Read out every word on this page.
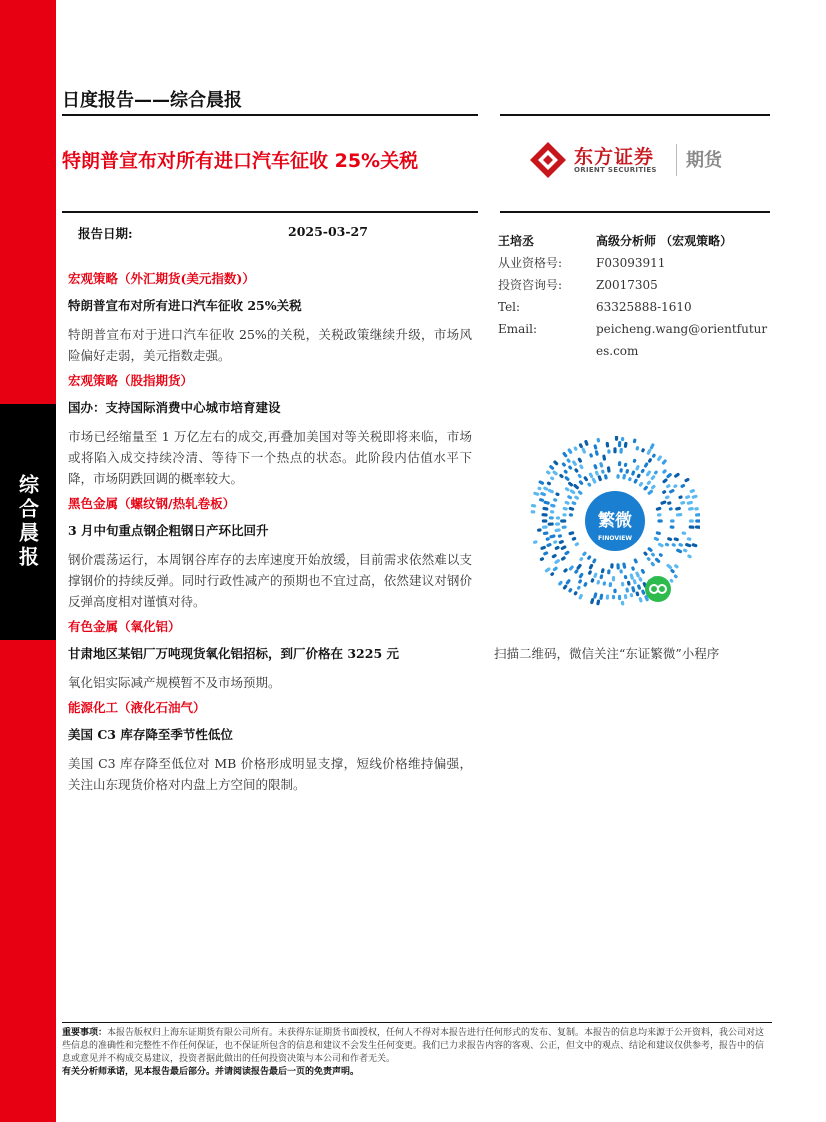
综合晨报
日度报告——综合晨报
特朗普宣布对所有进口汽车征收 25%关税	东方证券
ORIENT SECURITIES 期货
报告日期:	2025-03-27
宏观策略（外汇期货(美元指数)）
特朗普宣布对所有进口汽车征收 25%关税
特朗普宣布对于进口汽车征收 25%的关税，关税政策继续升级，市场风险偏好走弱，美元指数走强。
宏观策略（股指期货）
国办：支持国际消费中心城市培育建设
市场已经缩量至 1 万亿左右的成交,再叠加美国对等关税即将来临，市场或将陷入成交持续冷清、等待下一个热点的状态。此阶段内估值水平下降，市场阴跌回调的概率较大。
黑色金属（螺纹钢/热轧卷板）
3 月中旬重点钢企粗钢日产环比回升
钢价震荡运行，本周钢谷库存的去库速度开始放缓，目前需求依然难以支撑钢价的持续反弹。同时行政性减产的预期也不宜过高，依然建议对钢价反弹高度相对谨慎对待。
有色金属（氧化铝）
甘肃地区某铝厂万吨现货氧化铝招标，到厂价格在 3225 元
氧化铝实际减产规模暂不及市场预期。
能源化工（液化石油气）
美国 C3 库存降至季节性低位
美国 C3 库存降至低位对 MB 价格形成明显支撑，短线价格维持偏强，关注山东现货价格对内盘上方空间的限制。
王培丞	高级分析师 （宏观策略）
从业资格号:	F03093911
投资咨询号:	Z0017305
Tel:	63325888-1610
Email:	peicheng.wang@orientfutures.com
繁微
FINOVIEW
扫描二维码，微信关注“东证繁微”小程序
重要事项：本报告版权归上海东证期货有限公司所有。未获得东证期货书面授权，任何人不得对本报告进行任何形式的发布、复制。本报告的信息均来源于公开资料，我公司对这些信息的准确性和完整性不作任何保证，也不保证所包含的信息和建议不会发生任何变更。我们已力求报告内容的客观、公正，但文中的观点、结论和建议仅供参考，报告中的信息或意见并不构成交易建议，投资者据此做出的任何投资决策与本公司和作者无关。
有关分析师承诺，见本报告最后部分。并请阅读报告最后一页的免责声明。
